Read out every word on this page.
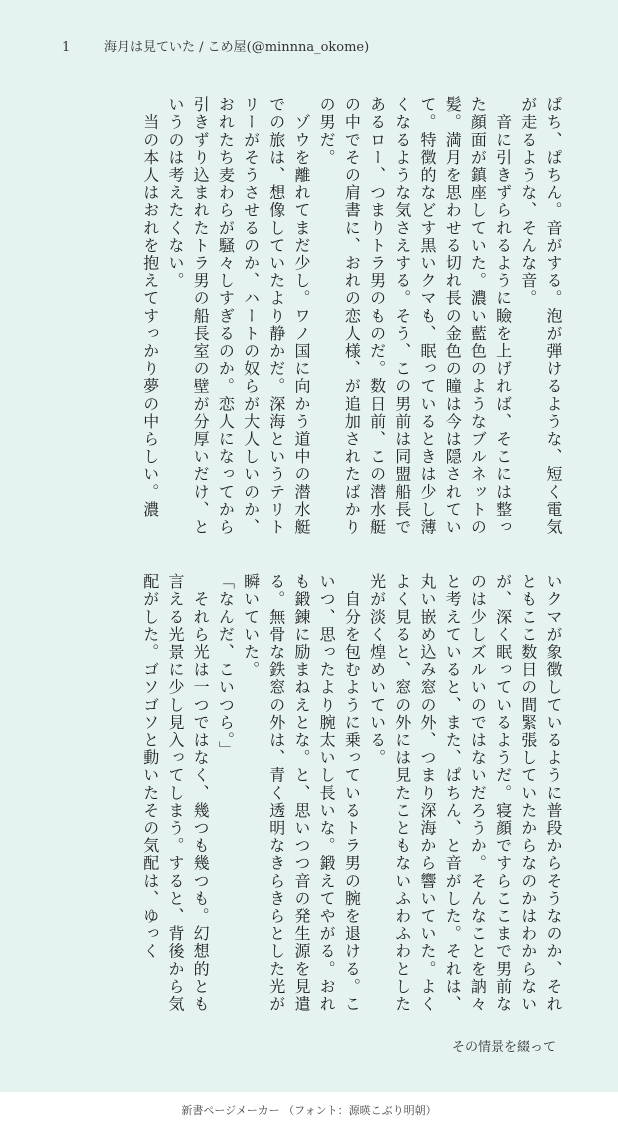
1	海月は見ていた / こめ屋(@minnna_okome)

ぱち、ぱちん。音がする。泡が弾けるような、短く電気が走るような、そんな音。

　音に引きずられるように瞼を上げれば、そこには整った顔面が鎮座していた。濃い藍色のようなブルネットの髪。満月を思わせる切れ長の金色の瞳は今は隠されていて。特徴的などす黒いクマも、眠っているときは少し薄くなるような気さえする。そう、この男前は同盟船長であるロー、つまりトラ男のものだ。数日前、この潜水艇の中でその肩書に、おれの恋人様、が追加されたばかりの男だ。

　ゾウを離れてまだ少し。ワノ国に向かう道中の潜水艇での旅は、想像していたより静かだ。深海というテリトリーがそうさせるのか、ハートの奴らが大人しいのか、おれたち麦わらが騒々しすぎるのか。恋人になってから引きずり込まれたトラ男の船長室の壁が分厚いだけ、というのは考えたくない。

　当の本人はおれを抱えてすっかり夢の中らしい。濃

いクマが象徴しているように普段からそうなのか、それともここ数日の間緊張していたからなのかはわからないが、深く眠っているようだ。寝顔ですらここまで男前なのは少しズルいのではないだろうか。そんなことを訥々と考えていると、また、ぱちん、と音がした。それは、丸い嵌め込み窓の外、つまり深海から響いていた。よくよく見ると、窓の外には見たこともないふわふわとした光が淡く煌めいている。

　自分を包むように乗っているトラ男の腕を退ける。こいつ、思ったより腕太いし長いな。鍛えてやがる。おれも鍛錬に励まねえとな。と、思いつつ音の発生源を見遣る。無骨な鉄窓の外は、青く透明なきらきらとした光が瞬いていた。

「なんだ、こいつら。」

　それら光は一つではなく、幾つも幾つも。幻想的とも言える光景に少し見入ってしまう。すると、背後から気配がした。ゴソゴソと動いたその気配は、ゆっく

その情景を綴って
新書ページメーカー （フォント：源暎こぶり明朝）
